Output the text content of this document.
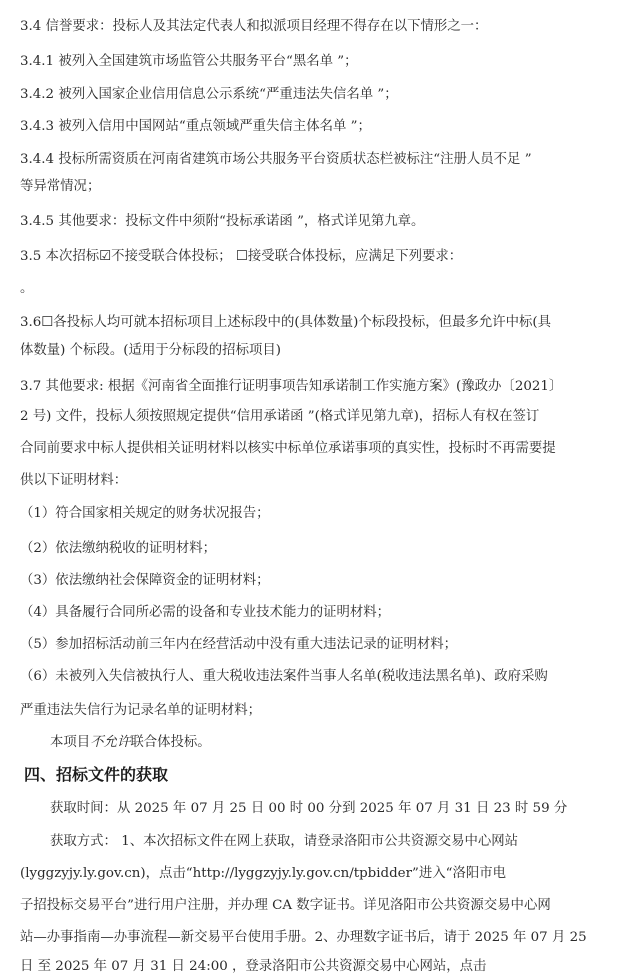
3.4 信誉要求：投标人及其法定代表人和拟派项目经理不得存在以下情形之一：
3.4.1 被列入全国建筑市场监管公共服务平台“黑名单 ”；
3.4.2 被列入国家企业信用信息公示系统“严重违法失信名单 ”；
3.4.3 被列入信用中国网站“重点领域严重失信主体名单 ”；
3.4.4 投标所需资质在河南省建筑市场公共服务平台资质状态栏被标注“注册人员不足 ”
等异常情况；
3.4.5 其他要求：投标文件中须附“投标承诺函 ”，格式详见第九章。
3.5 本次招标☑不接受联合体投标； ☐接受联合体投标，应满足下列要求：
。
3.6☐各投标人均可就本招标项目上述标段中的(具体数量)个标段投标，但最多允许中标(具
体数量) 个标段。(适用于分标段的招标项目)
3.7 其他要求: 根据《河南省全面推行证明事项告知承诺制工作实施方案》(豫政办〔2021〕
2 号) 文件，投标人须按照规定提供“信用承诺函 ”(格式详见第九章)，招标人有权在签订
合同前要求中标人提供相关证明材料以核实中标单位承诺事项的真实性，投标时不再需要提
供以下证明材料：
（1）符合国家相关规定的财务状况报告；
（2）依法缴纳税收的证明材料；
（3）依法缴纳社会保障资金的证明材料；
（4）具备履行合同所必需的设备和专业技术能力的证明材料；
（5）参加招标活动前三年内在经营活动中没有重大违法记录的证明材料；
（6）未被列入失信被执行人、重大税收违法案件当事人名单(税收违法黑名单)、政府采购
严重违法失信行为记录名单的证明材料；
本项目不允许联合体投标。
四、招标文件的获取
获取时间：从 2025 年 07 月 25 日 00 时 00 分到 2025 年 07 月 31 日 23 时 59 分
获取方式： 1、本次招标文件在网上获取，请登录洛阳市公共资源交易中心网站
(lyggzyjy.ly.gov.cn)，点击“http://lyggzyjy.ly.gov.cn/tpbidder”进入“洛阳市电
子招投标交易平台”进行用户注册，并办理 CA 数字证书。详见洛阳市公共资源交易中心网
站—办事指南—办事流程—新交易平台使用手册。2、办理数字证书后，请于 2025 年 07 月 25
日 至 2025 年 07 月 31 日 24:00 ，登录洛阳市公共资源交易中心网站，点击
